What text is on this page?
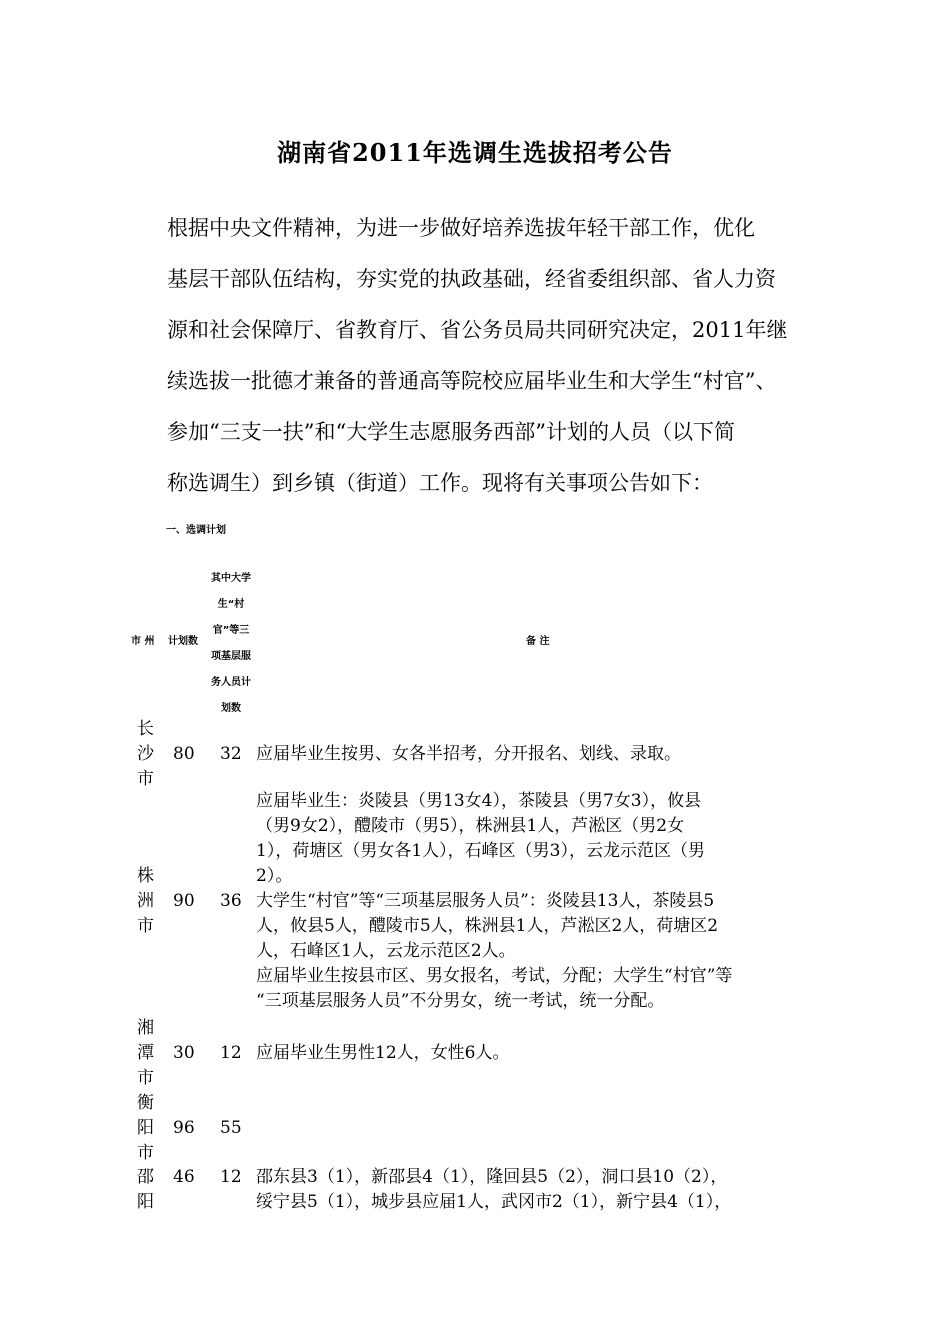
湖南省2011年选调生选拔招考公告

根据中央文件精神，为进一步做好培养选拔年轻干部工作，优化
基层干部队伍结构，夯实党的执政基础，经省委组织部、省人力资
源和社会保障厅、省教育厅、省公务员局共同研究决定，2011年继
续选拔一批德才兼备的普通高等院校应届毕业生和大学生“村官”、
参加“三支一扶”和“大学生志愿服务西部”计划的人员（以下简
称选调生）到乡镇（街道）工作。现将有关事项公告如下：

一、选调计划
市 州 计划数
其中大学
生“村
官”等三
项基层服
务人员计
划数
备 注
长
沙
市
80 32 应届毕业生按男、女各半招考，分开报名、划线、录取。
株
洲
市
90 36
应届毕业生：炎陵县（男13女4），茶陵县（男7女3），攸县
（男9女2），醴陵市（男5），株洲县1人，芦淞区（男2女
1），荷塘区（男女各1人），石峰区（男3），云龙示范区（男
2）。
大学生“村官”等“三项基层服务人员”：炎陵县13人，茶陵县5
人，攸县5人，醴陵市5人，株洲县1人，芦淞区2人，荷塘区2
人，石峰区1人，云龙示范区2人。
应届毕业生按县市区、男女报名，考试，分配；大学生“村官”等
“三项基层服务人员”不分男女，统一考试，统一分配。
湘
潭
市
30 12 应届毕业生男性12人，女性6人。
衡
阳
市
96 55
邵
阳
46 12 邵东县3（1），新邵县4（1），隆回县5（2），洞口县10（2），
绥宁县5（1），城步县应届1人，武冈市2（1），新宁县4（1），
